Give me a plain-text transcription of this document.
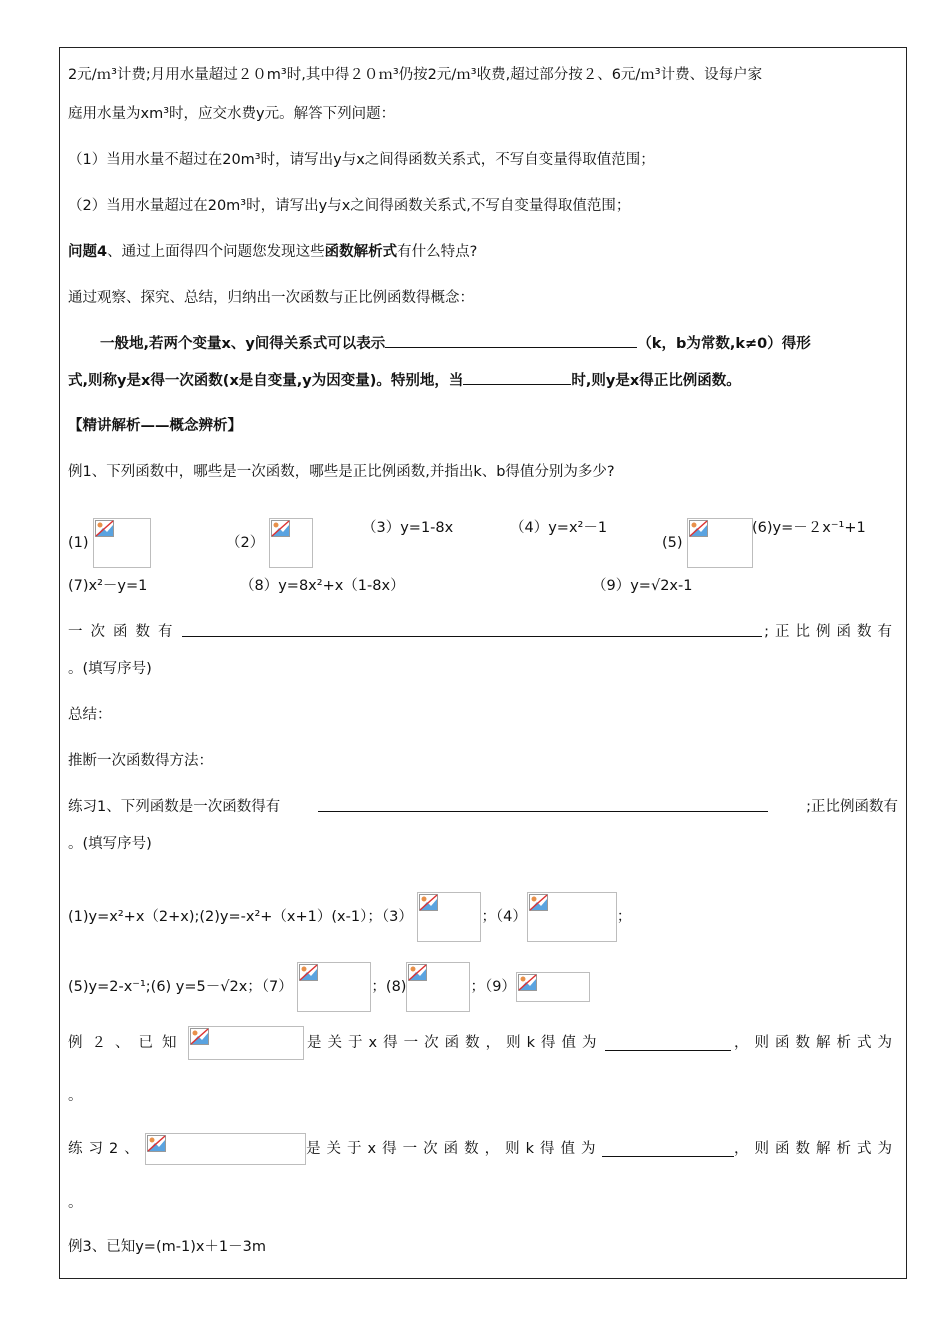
2元/ｍ³计费;月用水量超过２０m³时,其中得２０ｍ³仍按2元/ｍ³收费,超过部分按２、6元/ｍ³计费、设每户家
庭用水量为xm³时，应交水费y元。解答下列问题：
（1）当用水量不超过在20m³时，请写出y与x之间得函数关系式，不写自变量得取值范围；
（2）当用水量超过在20m³时，请写出y与x之间得函数关系式,不写自变量得取值范围；
问题4、通过上面得四个问题您发现这些函数解析式有什么特点?
通过观察、探究、总结，归纳出一次函数与正比例函数得概念：
一般地,若两个变量x、y间得关系式可以表示	（k，b为常数,k≠0）得形
式,则称y是x得一次函数(x是自变量,y为因变量)。特别地，当	时,则y是x得正比例函数。
【精讲解析——概念辨析】
例1、下列函数中，哪些是一次函数，哪些是正比例函数,并指出k、b得值分别为多少?
(1)	（2）
（3）y=1-8x	（4）y=x²－1
(5)
(6)y=－２x⁻¹+1
(7)x²－y=1	（8）y=8x²+x（1-8x）	（9）y=√2x-1
一次函数有	;正比例函数有
。(填写序号)
总结：
推断一次函数得方法：
练习1、下列函数是一次函数得有	;正比例函数有
。(填写序号)
(1)y=x²+x（2+x);(2)y=-x²+（x+1）(x-1）；（3）	；（4）	；
(5)y=2-x⁻¹;(6) y=5－√2x；（7）	；(8)	；（9）
例２、已知	是关于x得一次函数，则k得值为	，则函数解析式为
。
练习2、	是关于x得一次函数，则k得值为	，则函数解析式为
。
例3、已知y=(m-1)x＋1－3m
